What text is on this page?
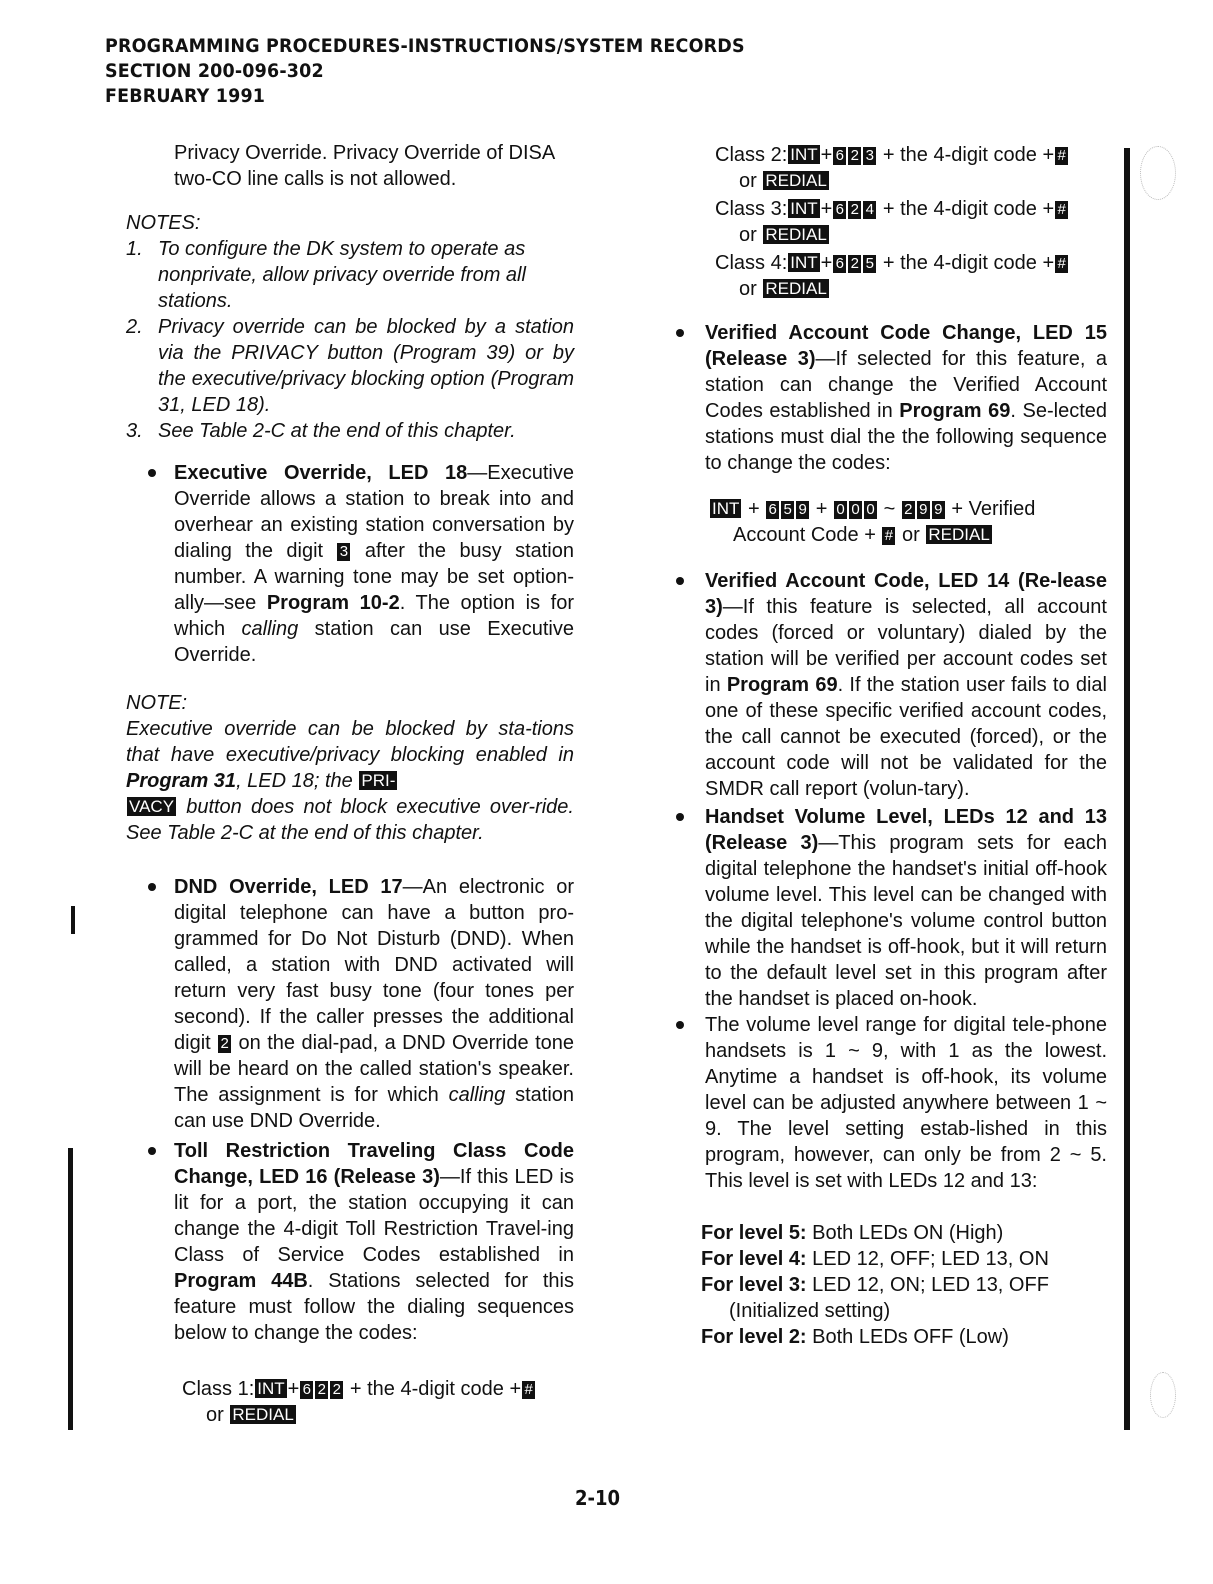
PROGRAMMING PROCEDURES-INSTRUCTIONS/SYSTEM RECORDS
SECTION 200-096-302
FEBRUARY 1991

Privacy Override. Privacy Override of DISA two-CO line calls is not allowed.

NOTES:

1. To configure the DK system to operate as nonprivate, allow privacy override from all stations.
2. Privacy override can be blocked by a station via the PRIVACY button (Program 39) or by the executive/privacy blocking option (Program 31, LED 18).
3. See Table 2-C at the end of this chapter.
Executive Override, LED 18—Executive Override allows a station to break into and overhear an existing station conversation by dialing the digit 3 after the busy station number. A warning tone may be set option-ally—see Program 10-2. The option is for which calling station can use Executive Override.

NOTE:

Executive override can be blocked by sta-tions that have executive/privacy blocking enabled in Program 31, LED 18; the PRI-
VACY button does not block executive over-ride. See Table 2-C at the end of this chapter.

DND Override, LED 17—An electronic or digital telephone can have a button pro-grammed for Do Not Disturb (DND). When called, a station with DND activated will return very fast busy tone (four tones per second). If the caller presses the additional digit 2 on the dial-pad, a DND Override tone will be heard on the called station's speaker. The assignment is for which calling station can use DND Override.
Toll Restriction Traveling Class Code Change, LED 16 (Release 3)—If this LED is lit for a port, the station occupying it can change the 4-digit Toll Restriction Travel-ing Class of Service Codes established in Program 44B. Stations selected for this feature must follow the dialing sequences below to change the codes:
Class 1: INT + 6 2 2 + the 4-digit code + #
or REDIAL
Class 2: INT + 6 2 3 + the 4-digit code + #
or REDIAL
Class 3: INT + 6 2 4 + the 4-digit code + #
or REDIAL
Class 4: INT + 6 2 5 + the 4-digit code + #
or REDIAL
Verified Account Code Change, LED 15 (Release 3)—If selected for this feature, a station can change the Verified Account Codes established in Program 69. Se-lected stations must dial the the following sequence to change the codes:
INT + 6 5 9 + 0 0 0 ~ 2 9 9 + Verified
Account Code + # or REDIAL
Verified Account Code, LED 14 (Re-lease 3)—If this feature is selected, all account codes (forced or voluntary) dialed by the station will be verified per account codes set in Program 69. If the station user fails to dial one of these specific verified account codes, the call cannot be executed (forced), or the account code will not be validated for the SMDR call report (volun-tary).
Handset Volume Level, LEDs 12 and 13 (Release 3)—This program sets for each digital telephone the handset's initial off-hook volume level. This level can be changed with the digital telephone's volume control button while the handset is off-hook, but it will return to the default level set in this program after the handset is placed on-hook.
The volume level range for digital tele-phone handsets is 1 ~ 9, with 1 as the lowest. Anytime a handset is off-hook, its volume level can be adjusted anywhere between 1 ~ 9. The level setting estab-lished in this program, however, can only be from 2 ~ 5. This level is set with LEDs 12 and 13:
For level 5: Both LEDs ON (High)
For level 4: LED 12, OFF; LED 13, ON
For level 3: LED 12, ON; LED 13, OFF
(Initialized setting)
For level 2: Both LEDs OFF (Low)
2-10
